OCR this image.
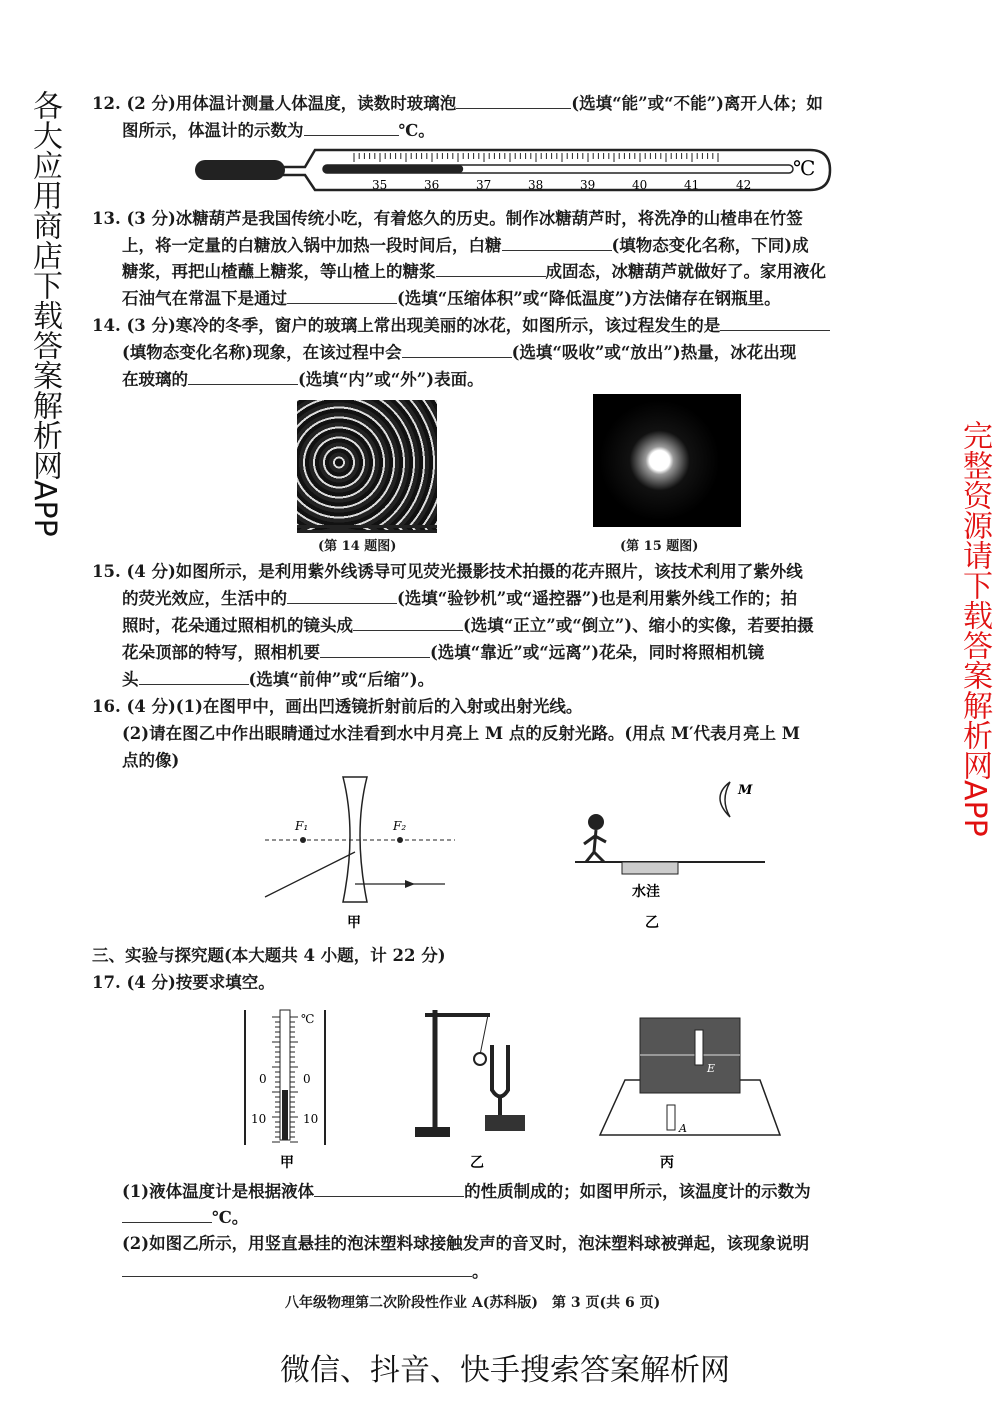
12. (2 分)用体温计测量人体温度，读数时玻璃泡	(选填“能”或“不能”)离开人体；如
图所示，体温计的示数为	℃。
35	36	37	38	39	40	41	42
℃
13. (3 分)冰糖葫芦是我国传统小吃，有着悠久的历史。制作冰糖葫芦时，将洗净的山楂串在竹签
上，将一定量的白糖放入锅中加热一段时间后，白糖	(填物态变化名称，下同)成
糖浆，再把山楂蘸上糖浆，等山楂上的糖浆	成固态，冰糖葫芦就做好了。家用液化
石油气在常温下是通过	(选填“压缩体积”或“降低温度”)方法储存在钢瓶里。
14. (3 分)寒冷的冬季，窗户的玻璃上常出现美丽的冰花，如图所示，该过程发生的是
(填物态变化名称)现象，在该过程中会	(选填“吸收”或“放出”)热量，冰花出现
在玻璃的	(选填“内”或“外”)表面。
(第 14 题图)	(第 15 题图)
15. (4 分)如图所示，是利用紫外线诱导可见荧光摄影技术拍摄的花卉照片，该技术利用了紫外线
的荧光效应，生活中的	(选填“验钞机”或“遥控器”)也是利用紫外线工作的；拍
照时，花朵通过照相机的镜头成	(选填“正立”或“倒立”)、缩小的实像，若要拍摄
花朵顶部的特写，照相机要	(选填“靠近”或“远离”)花朵，同时将照相机镜
头	(选填“前伸”或“后缩”)。
16. (4 分)(1)在图甲中，画出凹透镜折射前后的入射或出射光线。
(2)请在图乙中作出眼睛通过水洼看到水中月亮上 M 点的反射光路。(用点 M′代表月亮上 M
点的像)
F₁	F₂
甲
M
水洼
乙
三、实验与探究题(本大题共 4 小题，计 22 分)
17. (4 分)按要求填空。
℃
0	0
10	10
甲	乙
E
A
丙
(1)液体温度计是根据液体	的性质制成的；如图甲所示，该温度计的示数为
℃。
(2)如图乙所示，用竖直悬挂的泡沫塑料球接触发声的音叉时，泡沫塑料球被弹起，该现象说明
。
八年级物理第二次阶段性作业 A(苏科版)　第 3 页(共 6 页)
各大应用商店下载答案解析网APP
完整资源请下载答案解析网APP
微信、抖音、快手搜索答案解析网
